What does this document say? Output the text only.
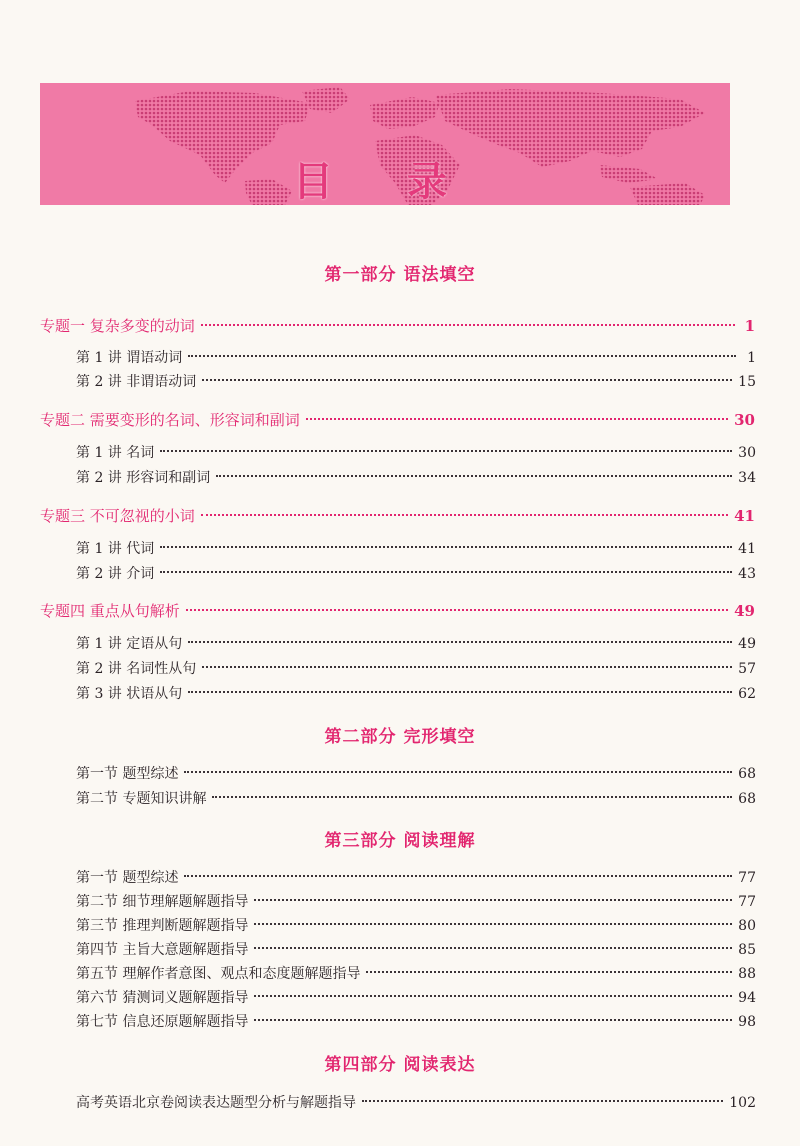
目 录
第一部分 语法填空
专题一 复杂多变的动词	1
第 1 讲 谓语动词	1
第 2 讲 非谓语动词	15
专题二 需要变形的名词、形容词和副词	30
第 1 讲 名词	30
第 2 讲 形容词和副词	34
专题三 不可忽视的小词	41
第 1 讲 代词	41
第 2 讲 介词	43
专题四 重点从句解析	49
第 1 讲 定语从句	49
第 2 讲 名词性从句	57
第 3 讲 状语从句	62
第二部分 完形填空
第一节 题型综述	68
第二节 专题知识讲解	68
第三部分 阅读理解
第一节 题型综述	77
第二节 细节理解题解题指导	77
第三节 推理判断题解题指导	80
第四节 主旨大意题解题指导	85
第五节 理解作者意图、观点和态度题解题指导	88
第六节 猜测词义题解题指导	94
第七节 信息还原题解题指导	98
第四部分 阅读表达
高考英语北京卷阅读表达题型分析与解题指导	102
